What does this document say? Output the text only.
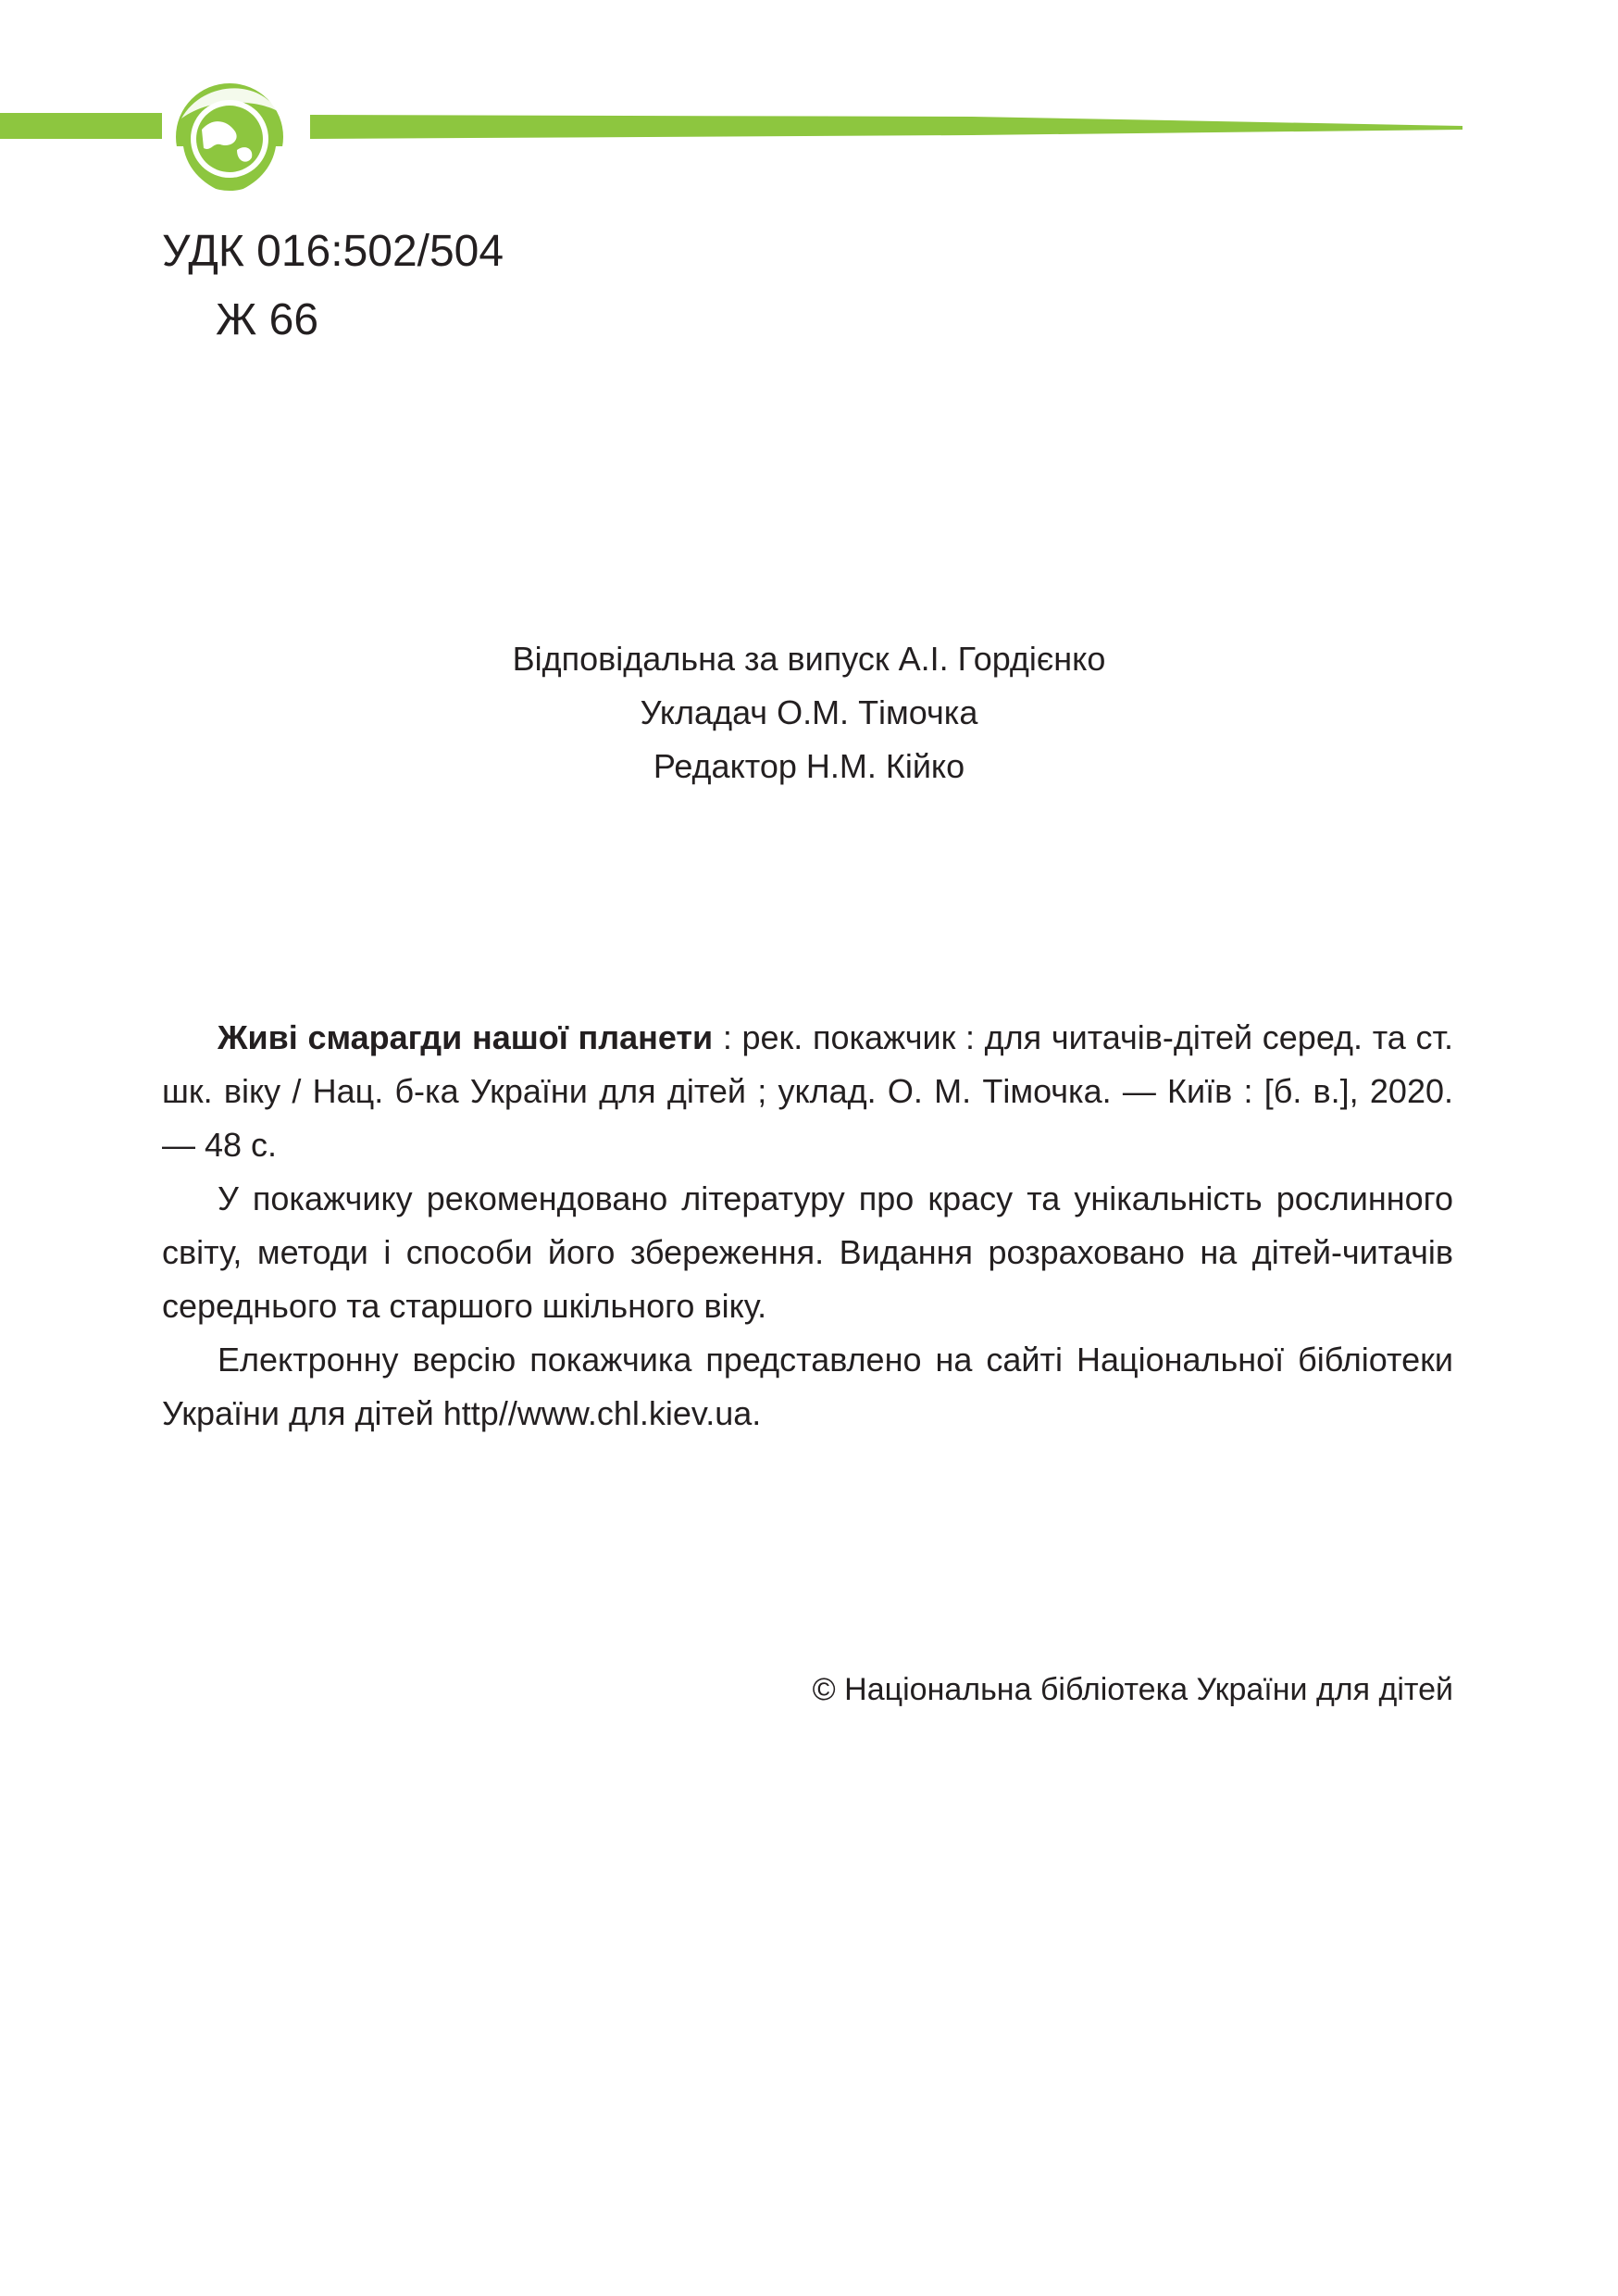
УДК 016:502/504
Ж 66
Відповідальна за випуск А.І. Гордієнко
Укладач О.М. Тімочка
Редактор Н.М. Кійко

Живі смарагди нашої планети : рек. покажчик : для читачів-дітей серед. та ст. шк. віку / Нац. б-ка України для дітей ; уклад. О. М. Тімочка. — Київ : [б. в.], 2020. — 48 с.

У покажчику рекомендовано літературу про красу та унікальність рослинного світу, методи і способи його збереження. Видання розраховано на дітей-читачів середнього та старшого шкільного віку.

Електронну версію покажчика представлено на сайті Національної бібліотеки України для дітей http//www.chl.kiev.ua.

© Національна бібліотека України для дітей
